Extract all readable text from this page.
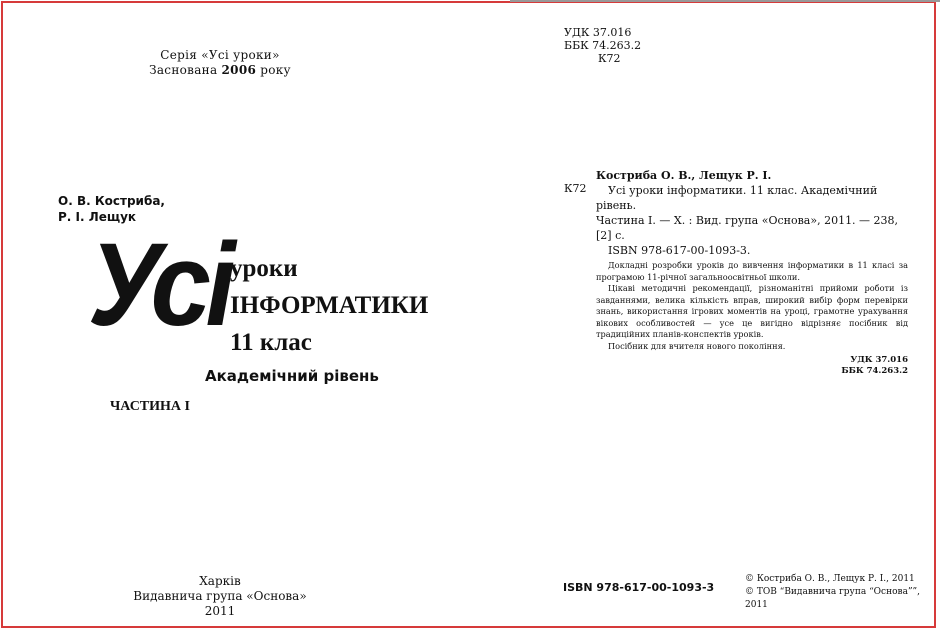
Серія «Усі уроки»
Заснована 2006 року
О. В. Костриба,
Р. І. Лещук
Усі уроки
ІНФОРМАТИКИ
11 клас
Академічний рівень
ЧАСТИНА І
Харків
Видавнича група «Основа»
2011
УДК 37.016
ББК 74.263.2
К72
К72
Костриба О. В., Лещук Р. І.
Усі уроки інформатики. 11 клас. Академічний рівень.
Частина І. — Х. : Вид. група «Основа», 2011. — 238,[2] с.
ISBN 978-617-00-1093-3.

Докладні розробки уроків до вивчення інформатики в 11 класі за програмою 11-річної загальноосвітньої школи.

Цікаві методичні рекомендації, різноманітні прийоми роботи із завданнями, велика кількість вправ, широкий вибір форм перевірки знань, використання ігрових моментів на уроці, грамотне урахування вікових особливостей — усе це вигідно відрізняє посібник від традиційних планів-конспектів уроків.

Посібник для вчителя нового покоління.

УДК 37.016
ББК 74.263.2
ISBN 978-617-00-1093-3
© Костриба О. В., Лещук Р. І., 2011
© ТОВ “Видавнича група “Основа””, 2011
